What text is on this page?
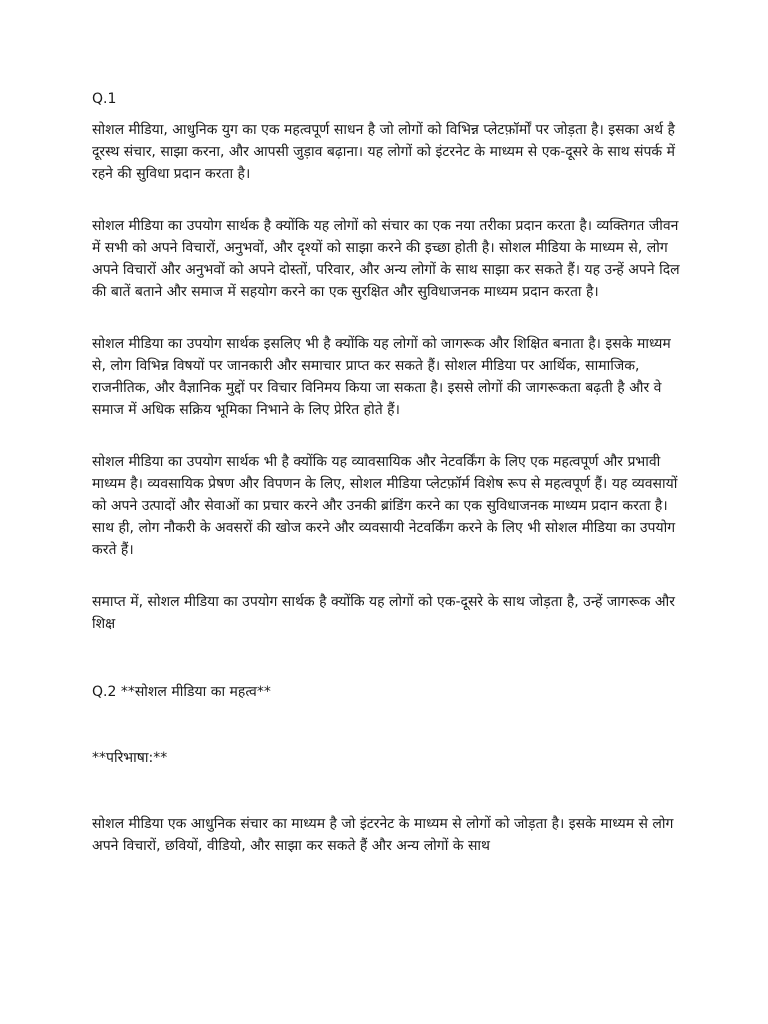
Q.1

सोशल मीडिया, आधुनिक युग का एक महत्वपूर्ण साधन है जो लोगों को विभिन्न प्लेटफ़ॉर्मों पर जोड़ता है। इसका अर्थ है दूरस्थ संचार, साझा करना, और आपसी जुड़ाव बढ़ाना। यह लोगों को इंटरनेट के माध्यम से एक-दूसरे के साथ संपर्क में रहने की सुविधा प्रदान करता है।

सोशल मीडिया का उपयोग सार्थक है क्योंकि यह लोगों को संचार का एक नया तरीका प्रदान करता है। व्यक्तिगत जीवन में सभी को अपने विचारों, अनुभवों, और दृश्यों को साझा करने की इच्छा होती है। सोशल मीडिया के माध्यम से, लोग अपने विचारों और अनुभवों को अपने दोस्तों, परिवार, और अन्य लोगों के साथ साझा कर सकते हैं। यह उन्हें अपने दिल की बातें बताने और समाज में सहयोग करने का एक सुरक्षित और सुविधाजनक माध्यम प्रदान करता है।

सोशल मीडिया का उपयोग सार्थक इसलिए भी है क्योंकि यह लोगों को जागरूक और शिक्षित बनाता है। इसके माध्यम से, लोग विभिन्न विषयों पर जानकारी और समाचार प्राप्त कर सकते हैं। सोशल मीडिया पर आर्थिक, सामाजिक, राजनीतिक, और वैज्ञानिक मुद्दों पर विचार विनिमय किया जा सकता है। इससे लोगों की जागरूकता बढ़ती है और वे समाज में अधिक सक्रिय भूमिका निभाने के लिए प्रेरित होते हैं।

सोशल मीडिया का उपयोग सार्थक भी है क्योंकि यह व्यावसायिक और नेटवर्किंग के लिए एक महत्वपूर्ण और प्रभावी माध्यम है। व्यवसायिक प्रेषण और विपणन के लिए, सोशल मीडिया प्लेटफ़ॉर्म विशेष रूप से महत्वपूर्ण हैं। यह व्यवसायों को अपने उत्पादों और सेवाओं का प्रचार करने और उनकी ब्रांडिंग करने का एक सुविधाजनक माध्यम प्रदान करता है। साथ ही, लोग नौकरी के अवसरों की खोज करने और व्यवसायी नेटवर्किंग करने के लिए भी सोशल मीडिया का उपयोग करते हैं।

समाप्त में, सोशल मीडिया का उपयोग सार्थक है क्योंकि यह लोगों को एक-दूसरे के साथ जोड़ता है, उन्हें जागरूक और शिक्ष

Q.2 **सोशल मीडिया का महत्व**

**परिभाषा:**

सोशल मीडिया एक आधुनिक संचार का माध्यम है जो इंटरनेट के माध्यम से लोगों को जोड़ता है। इसके माध्यम से लोग अपने विचारों, छवियों, वीडियो, और साझा कर सकते हैं और अन्य लोगों के साथ
